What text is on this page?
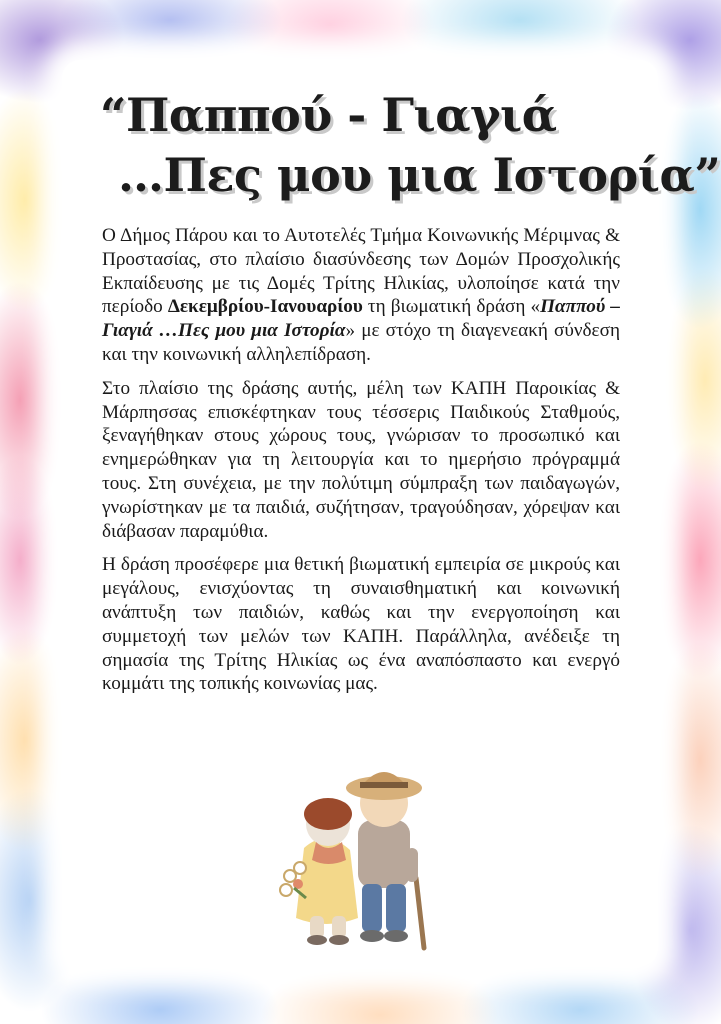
“Παππού - Γιαγιά
…Πες μου μια Ιστορία”

Ο Δήμος Πάρου και το Αυτοτελές Τμήμα Κοινωνικής Μέριμνας & Προστασίας, στο πλαίσιο διασύνδεσης των Δομών Προσχολικής Εκπαίδευσης με τις Δομές Τρίτης Ηλικίας, υλοποίησε κατά την περίοδο Δεκεμβρίου-Ιανουαρίου τη βιωματική δράση «Παππού – Γιαγιά …Πες μου μια Ιστορία» με στόχο τη διαγενεακή σύνδεση και την κοινωνική αλληλεπίδραση.

Στο πλαίσιο της δράσης αυτής, μέλη των ΚΑΠΗ Παροικίας & Μάρπησσας επισκέφτηκαν τους τέσσερις Παιδικούς Σταθμούς, ξεναγήθηκαν στους χώρους τους, γνώρισαν το προσωπικό και ενημερώθηκαν για τη λειτουργία και το ημερήσιο πρόγραμμά τους. Στη συνέχεια, με την πολύτιμη σύμπραξη των παιδαγωγών, γνωρίστηκαν με τα παιδιά, συζήτησαν, τραγούδησαν, χόρεψαν και διάβασαν παραμύθια.

Η δράση προσέφερε μια θετική βιωματική εμπειρία σε μικρούς και μεγάλους, ενισχύοντας τη συναισθηματική και κοινωνική ανάπτυξη των παιδιών, καθώς και την ενεργοποίηση και συμμετοχή των μελών των ΚΑΠΗ. Παράλληλα, ανέδειξε τη σημασία της Τρίτης Ηλικίας ως ένα αναπόσπαστο και ενεργό κομμάτι της τοπικής κοινωνίας μας.
